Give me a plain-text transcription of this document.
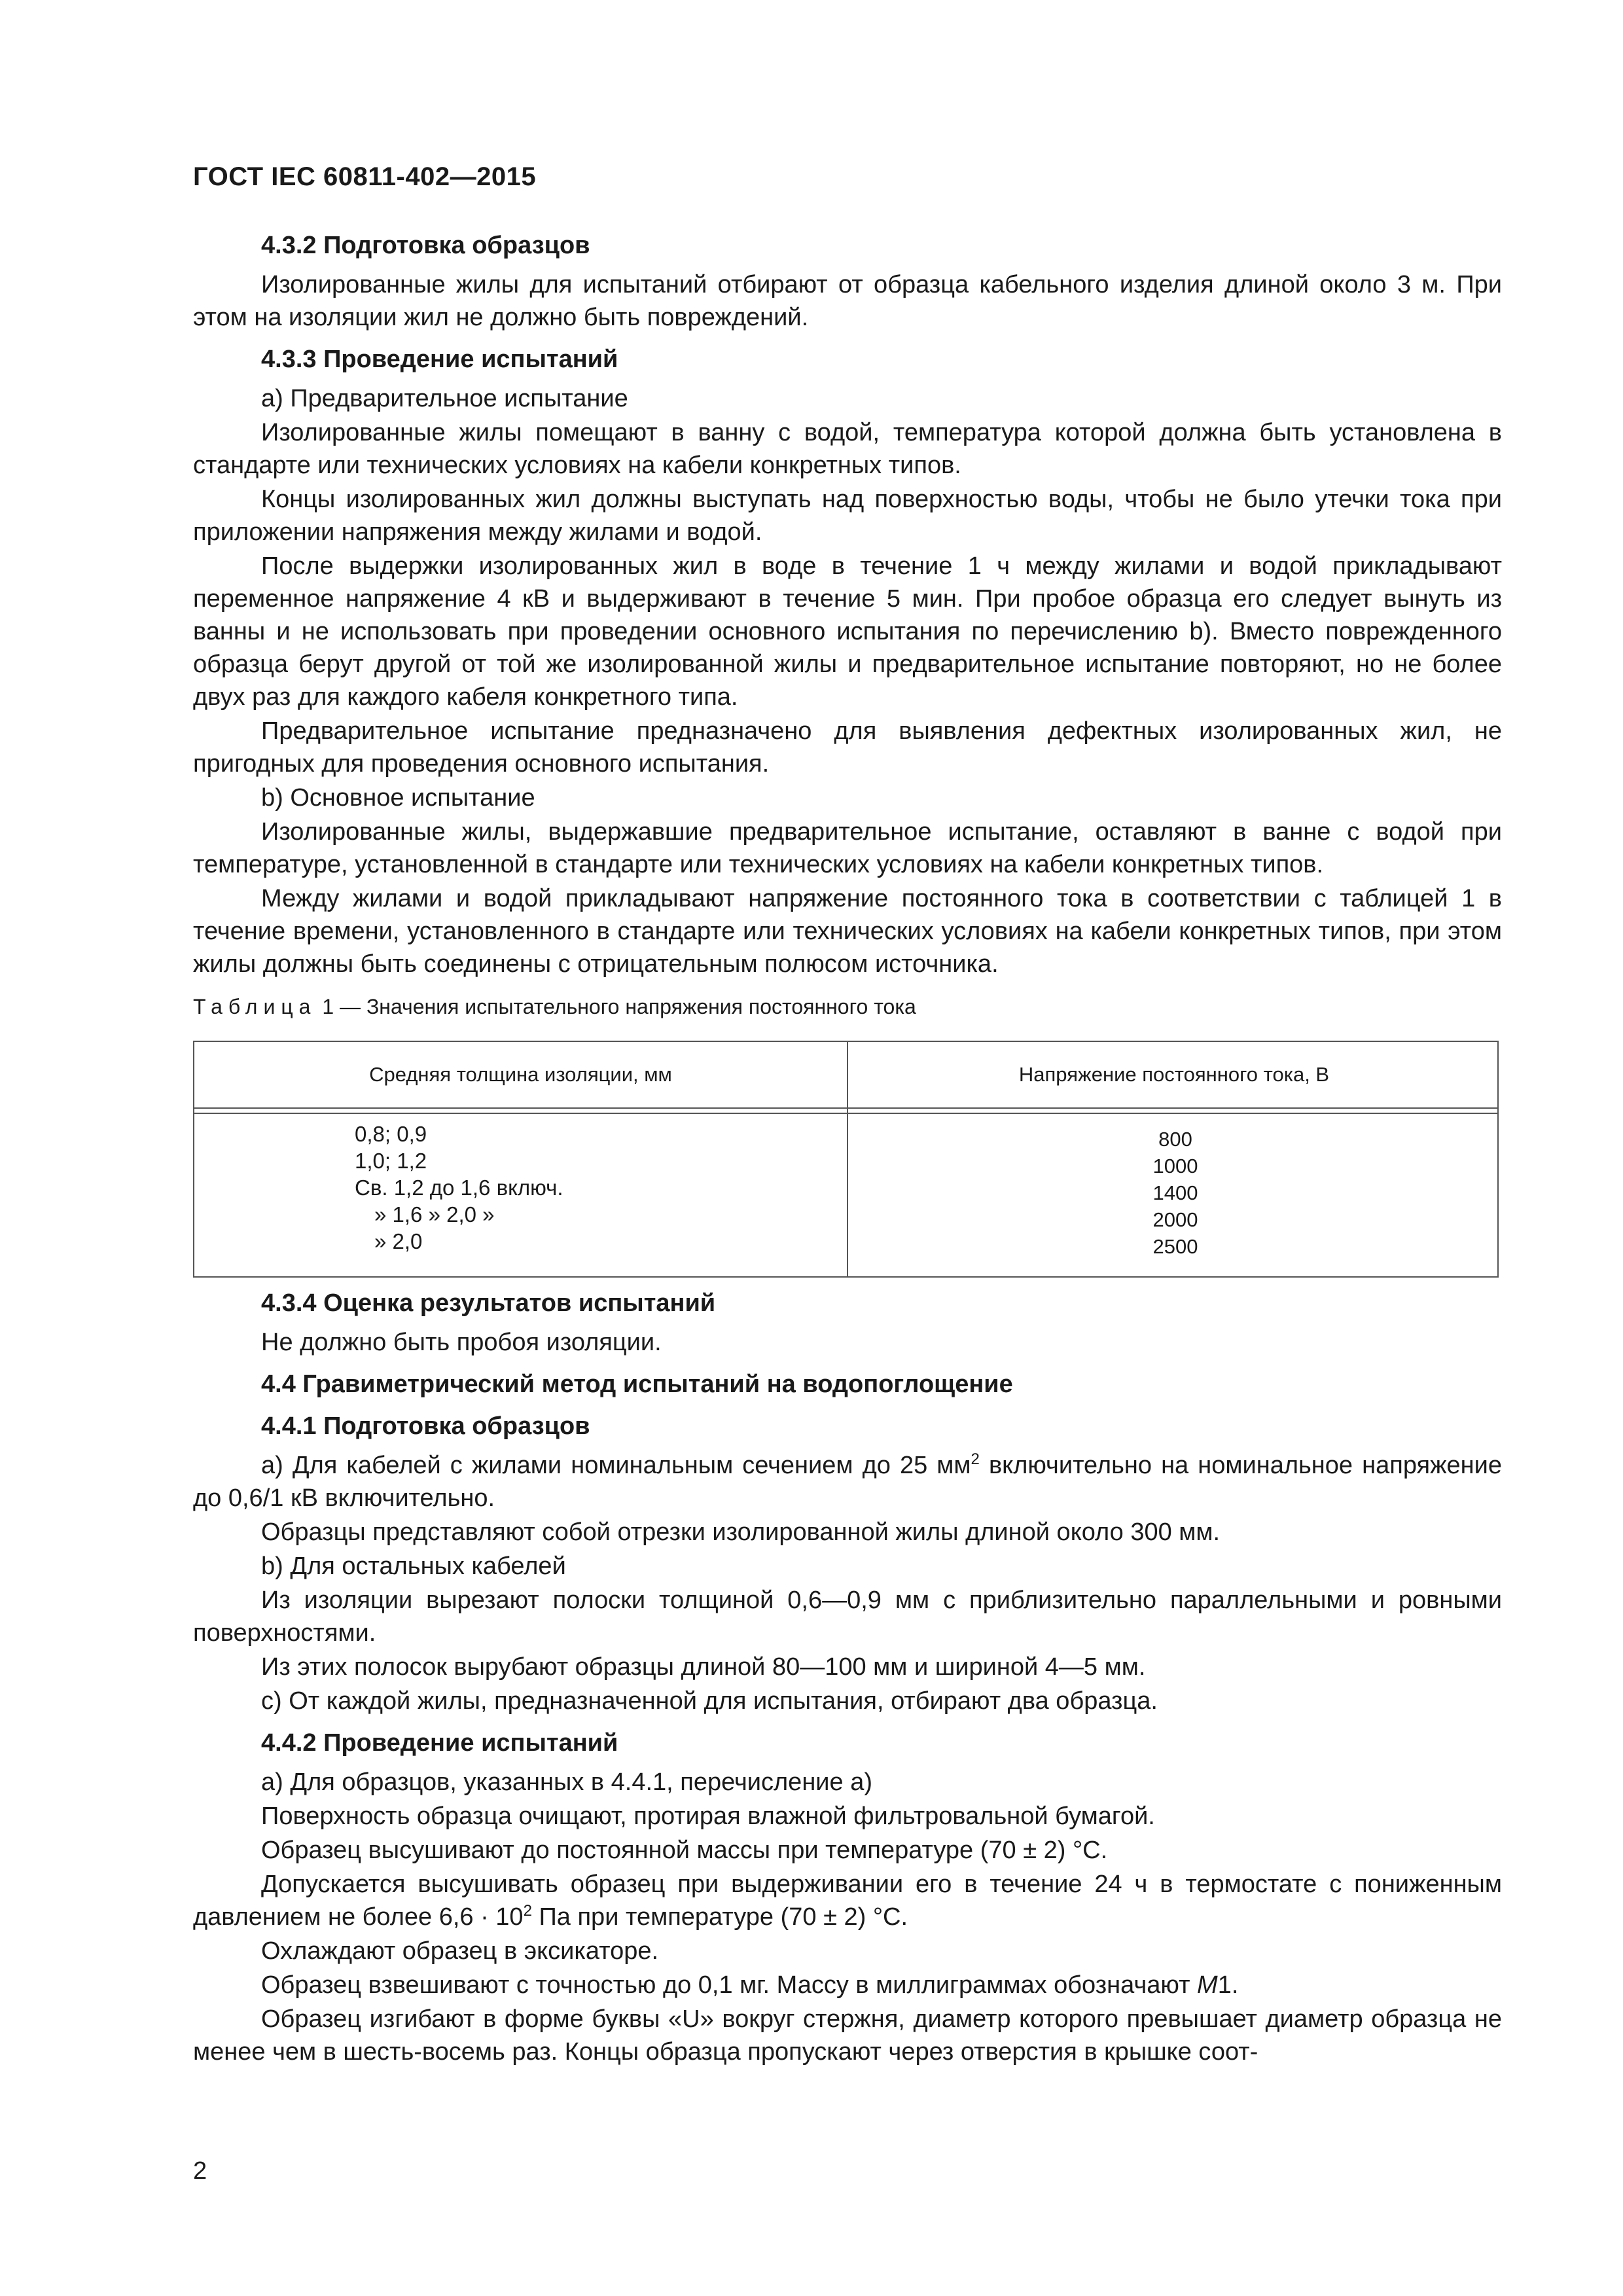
ГОСТ IEC 60811-402—2015
4.3.2 Подготовка образцов

Изолированные жилы для испытаний отбирают от образца кабельного изделия длиной около 3 м. При этом на изоляции жил не должно быть повреждений.

4.3.3 Проведение испытаний

а) Предварительное испытание

Изолированные жилы помещают в ванну с водой, температура которой должна быть установлена в стандарте или технических условиях на кабели конкретных типов.

Концы изолированных жил должны выступать над поверхностью воды, чтобы не было утечки тока при приложении напряжения между жилами и водой.

После выдержки изолированных жил в воде в течение 1 ч между жилами и водой прикладывают переменное напряжение 4 кВ и выдерживают в течение 5 мин. При пробое образца его следует вынуть из ванны и не использовать при проведении основного испытания по перечислению b). Вместо поврежденного образца берут другой от той же изолированной жилы и предварительное испытание повторяют, но не более двух раз для каждого кабеля конкретного типа.

Предварительное испытание предназначено для выявления дефектных изолированных жил, не пригодных для проведения основного испытания.

b) Основное испытание

Изолированные жилы, выдержавшие предварительное испытание, оставляют в ванне с водой при температуре, установленной в стандарте или технических условиях на кабели конкретных типов.

Между жилами и водой прикладывают напряжение постоянного тока в соответствии с таблицей 1 в течение времени, установленного в стандарте или технических условиях на кабели конкретных типов, при этом жилы должны быть соединены с отрицательным полюсом источника.

Таблица 1 — Значения испытательного напряжения постоянного тока
Средняя толщина изоляции, мм	Напряжение постоянного тока, В
0,8; 0,9
1,0; 1,2
Св. 1,2 до 1,6 включ.
» 1,6 » 2,0 »
» 2,0
800
1000
1400
2000
2500
4.3.4 Оценка результатов испытаний

Не должно быть пробоя изоляции.

4.4 Гравиметрический метод испытаний на водопоглощение
4.4.1 Подготовка образцов

а) Для кабелей с жилами номинальным сечением до 25 $мм^2$ включительно на номинальное напряжение до 0,6/1 кВ включительно.

Образцы представляют собой отрезки изолированной жилы длиной около 300 мм.

b) Для остальных кабелей

Из изоляции вырезают полоски толщиной 0,6—0,9 мм с приблизительно параллельными и ровными поверхностями.

Из этих полосок вырубают образцы длиной 80—100 мм и шириной 4—5 мм.

с) От каждой жилы, предназначенной для испытания, отбирают два образца.

4.4.2 Проведение испытаний

а) Для образцов, указанных в 4.4.1, перечисление а)

Поверхность образца очищают, протирая влажной фильтровальной бумагой.

Образец высушивают до постоянной массы при температуре (70 ± 2) °С.

Допускается высушивать образец при выдерживании его в течение 24 ч в термостате с пониженным давлением не более $6,6 \cdot 10^2$ Па при температуре (70 ± 2) °С.

Охлаждают образец в эксикаторе.

Образец взвешивают с точностью до 0,1 мг. Массу в миллиграммах обозначают М1.

Образец изгибают в форме буквы «U» вокруг стержня, диаметр которого превышает диаметр образца не менее чем в шесть-восемь раз. Концы образца пропускают через отверстия в крышке соот-

2
